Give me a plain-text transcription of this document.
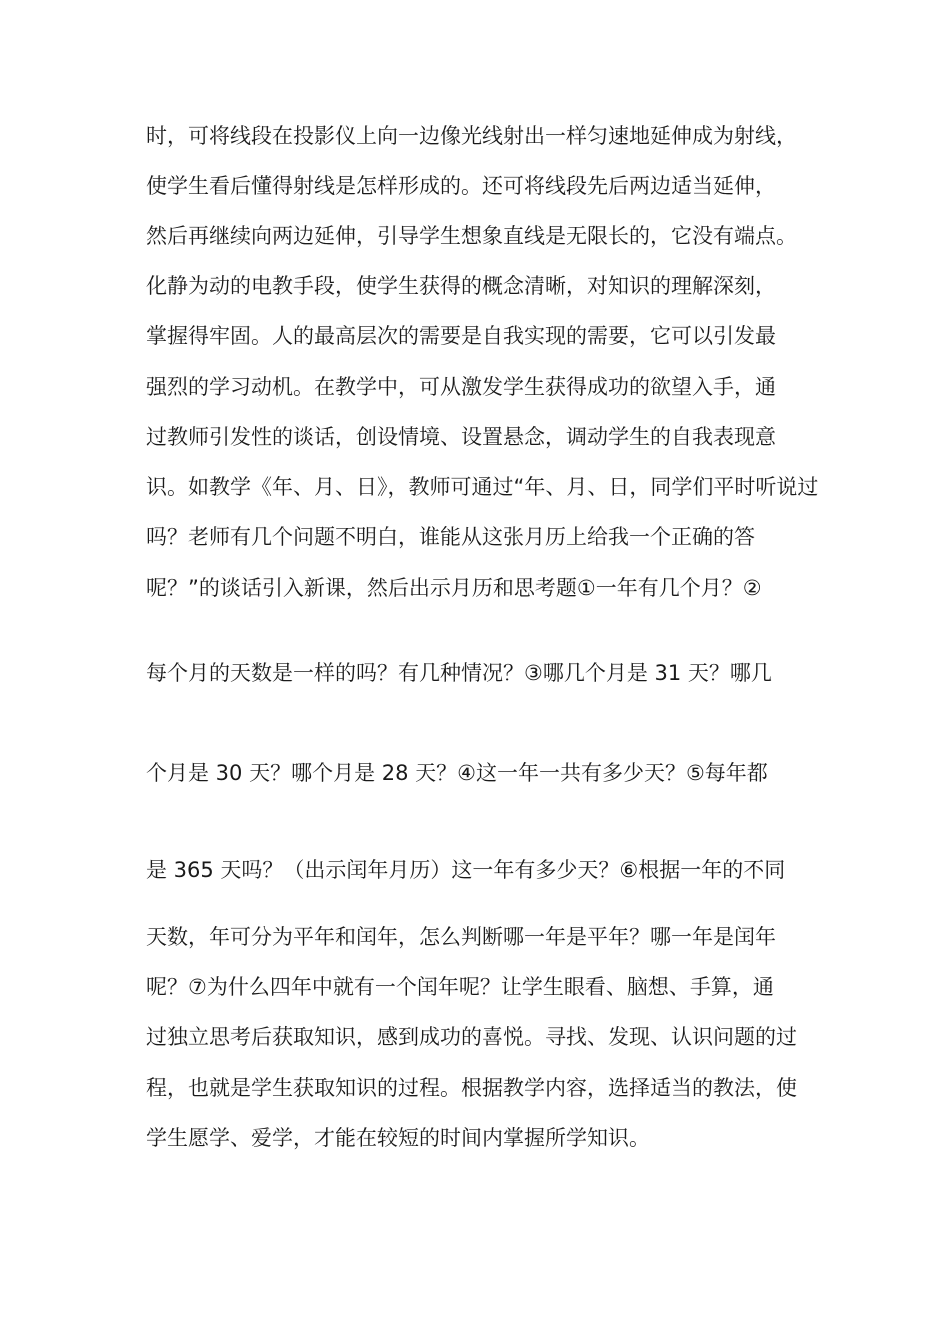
时，可将线段在投影仪上向一边像光线射出一样匀速地延伸成为射线，
使学生看后懂得射线是怎样形成的。还可将线段先后两边适当延伸，
然后再继续向两边延伸，引导学生想象直线是无限长的，它没有端点。
化静为动的电教手段，使学生获得的概念清晰，对知识的理解深刻，
掌握得牢固。人的最高层次的需要是自我实现的需要，它可以引发最
强烈的学习动机。在教学中，可从激发学生获得成功的欲望入手，通
过教师引发性的谈话，创设情境、设置悬念，调动学生的自我表现意
识。如教学《年、月、日》，教师可通过“年、月、日，同学们平时听说过
吗？老师有几个问题不明白，谁能从这张月历上给我一个正确的答
呢？”的谈话引入新课，然后出示月历和思考题①一年有几个月？②
每个月的天数是一样的吗？有几种情况？③哪几个月是 31 天？哪几
个月是 30 天？哪个月是 28 天？④这一年一共有多少天？⑤每年都
是 365 天吗？（出示闰年月历）这一年有多少天？⑥根据一年的不同
天数，年可分为平年和闰年，怎么判断哪一年是平年？哪一年是闰年
呢？⑦为什么四年中就有一个闰年呢？让学生眼看、脑想、手算，通
过独立思考后获取知识，感到成功的喜悦。寻找、发现、认识问题的过
程，也就是学生获取知识的过程。根据教学内容，选择适当的教法，使
学生愿学、爱学，才能在较短的时间内掌握所学知识。
